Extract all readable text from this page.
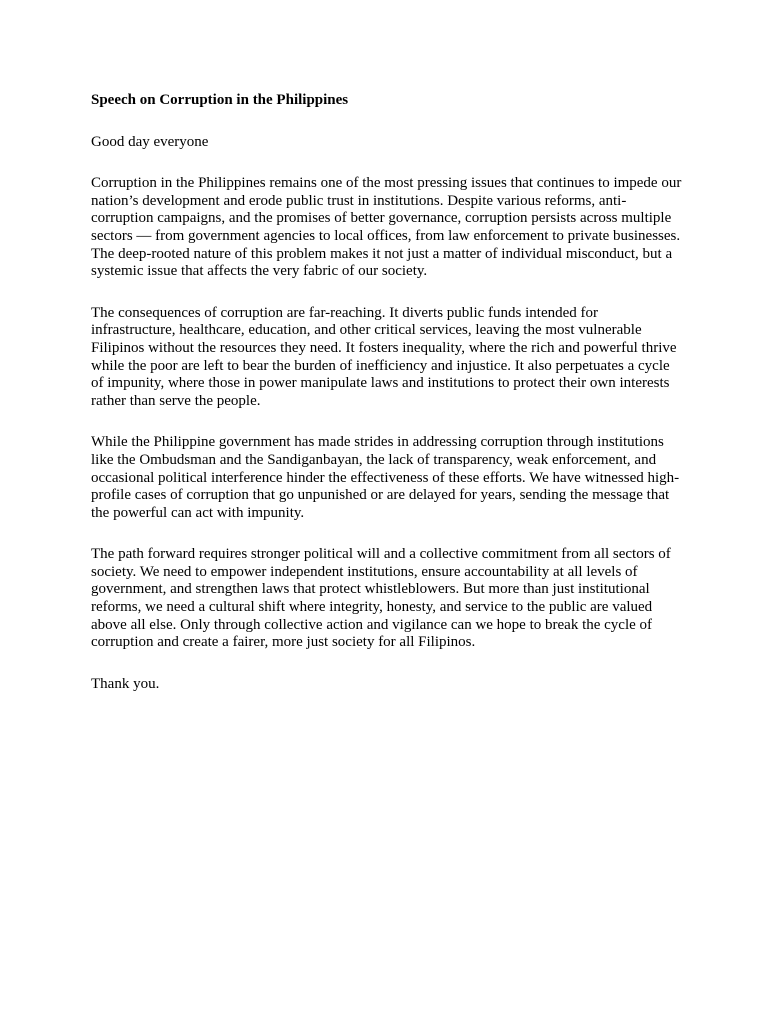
Speech on Corruption in the Philippines
Good day everyone
Corruption in the Philippines remains one of the most pressing issues that continues to impede our nation’s development and erode public trust in institutions. Despite various reforms, anti-corruption campaigns, and the promises of better governance, corruption persists across multiple sectors — from government agencies to local offices, from law enforcement to private businesses. The deep-rooted nature of this problem makes it not just a matter of individual misconduct, but a systemic issue that affects the very fabric of our society.
The consequences of corruption are far-reaching. It diverts public funds intended for infrastructure, healthcare, education, and other critical services, leaving the most vulnerable Filipinos without the resources they need. It fosters inequality, where the rich and powerful thrive while the poor are left to bear the burden of inefficiency and injustice. It also perpetuates a cycle of impunity, where those in power manipulate laws and institutions to protect their own interests rather than serve the people.
While the Philippine government has made strides in addressing corruption through institutions like the Ombudsman and the Sandiganbayan, the lack of transparency, weak enforcement, and occasional political interference hinder the effectiveness of these efforts. We have witnessed high-profile cases of corruption that go unpunished or are delayed for years, sending the message that the powerful can act with impunity.
The path forward requires stronger political will and a collective commitment from all sectors of society. We need to empower independent institutions, ensure accountability at all levels of government, and strengthen laws that protect whistleblowers. But more than just institutional reforms, we need a cultural shift where integrity, honesty, and service to the public are valued above all else. Only through collective action and vigilance can we hope to break the cycle of corruption and create a fairer, more just society for all Filipinos.
Thank you.
